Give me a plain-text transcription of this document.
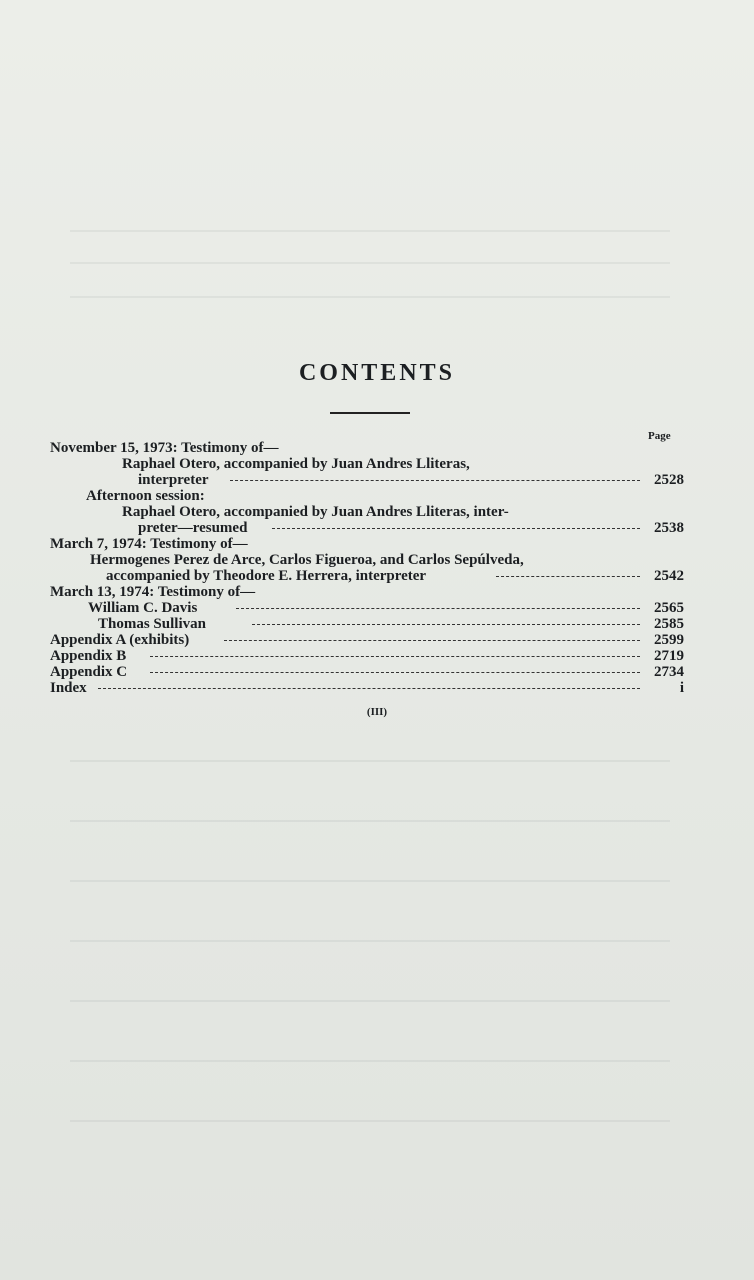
CONTENTS
Page
November 15, 1973: Testimony of—
Raphael Otero, accompanied by Juan Andres Lliteras,
interpreter	2528
Afternoon session:
Raphael Otero, accompanied by Juan Andres Lliteras, inter-
preter—resumed	2538
March 7, 1974: Testimony of—
Hermogenes Perez de Arce, Carlos Figueroa, and Carlos Sepúlveda,
accompanied by Theodore E. Herrera, interpreter	2542
March 13, 1974: Testimony of—
William C. Davis	2565
Thomas Sullivan	2585
Appendix A (exhibits)	2599
Appendix B	2719
Appendix C	2734
Index	i
(III)
